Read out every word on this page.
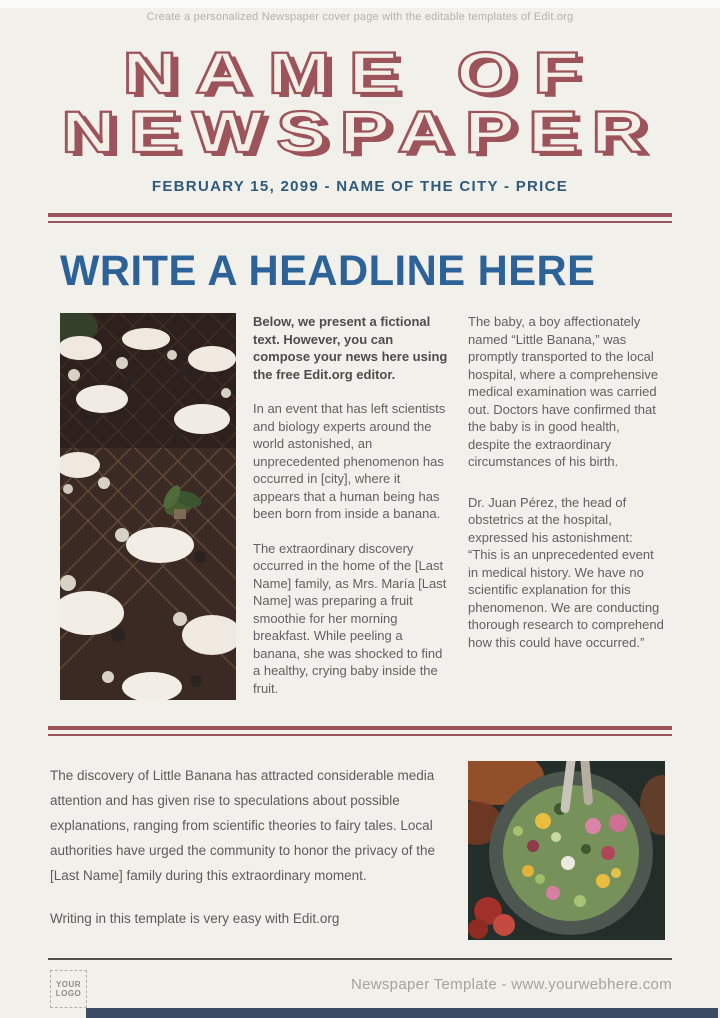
Create a personalized Newspaper cover page with the editable templates of Edit.org
NAME OF
NEWSPAPER
FEBRUARY 15, 2099 - NAME OF THE CITY - PRICE
WRITE A HEADLINE HERE

Below, we present a fictional text. However, you can compose your news here using the free Edit.org editor.

In an event that has left scientists and biology experts around the world astonished, an unprecedented phenomenon has occurred in [city], where it appears that a human being has been born from inside a banana.

The extraordinary discovery occurred in the home of the [Last Name] family, as Mrs. María [Last Name] was preparing a fruit smoothie for her morning breakfast. While peeling a banana, she was shocked to find a healthy, crying baby inside the fruit.

The baby, a boy affectionately named “Little Banana,” was promptly transported to the local hospital, where a comprehensive medical examination was carried out. Doctors have confirmed that the baby is in good health, despite the extraordinary circumstances of his birth.

Dr. Juan Pérez, the head of obstetrics at the hospital, expressed his astonishment: “This is an unprecedented event in medical history. We have no scientific explanation for this phenomenon. We are conducting thorough research to comprehend how this could have occurred.”

The discovery of Little Banana has attracted considerable media attention and has given rise to speculations about possible explanations, ranging from scientific theories to fairy tales. Local authorities have urged the community to honor the privacy of the [Last Name] family during this extraordinary moment.

Writing in this template is very easy with Edit.org

YOUR
LOGO
Newspaper Template - www.yourwebhere.com
